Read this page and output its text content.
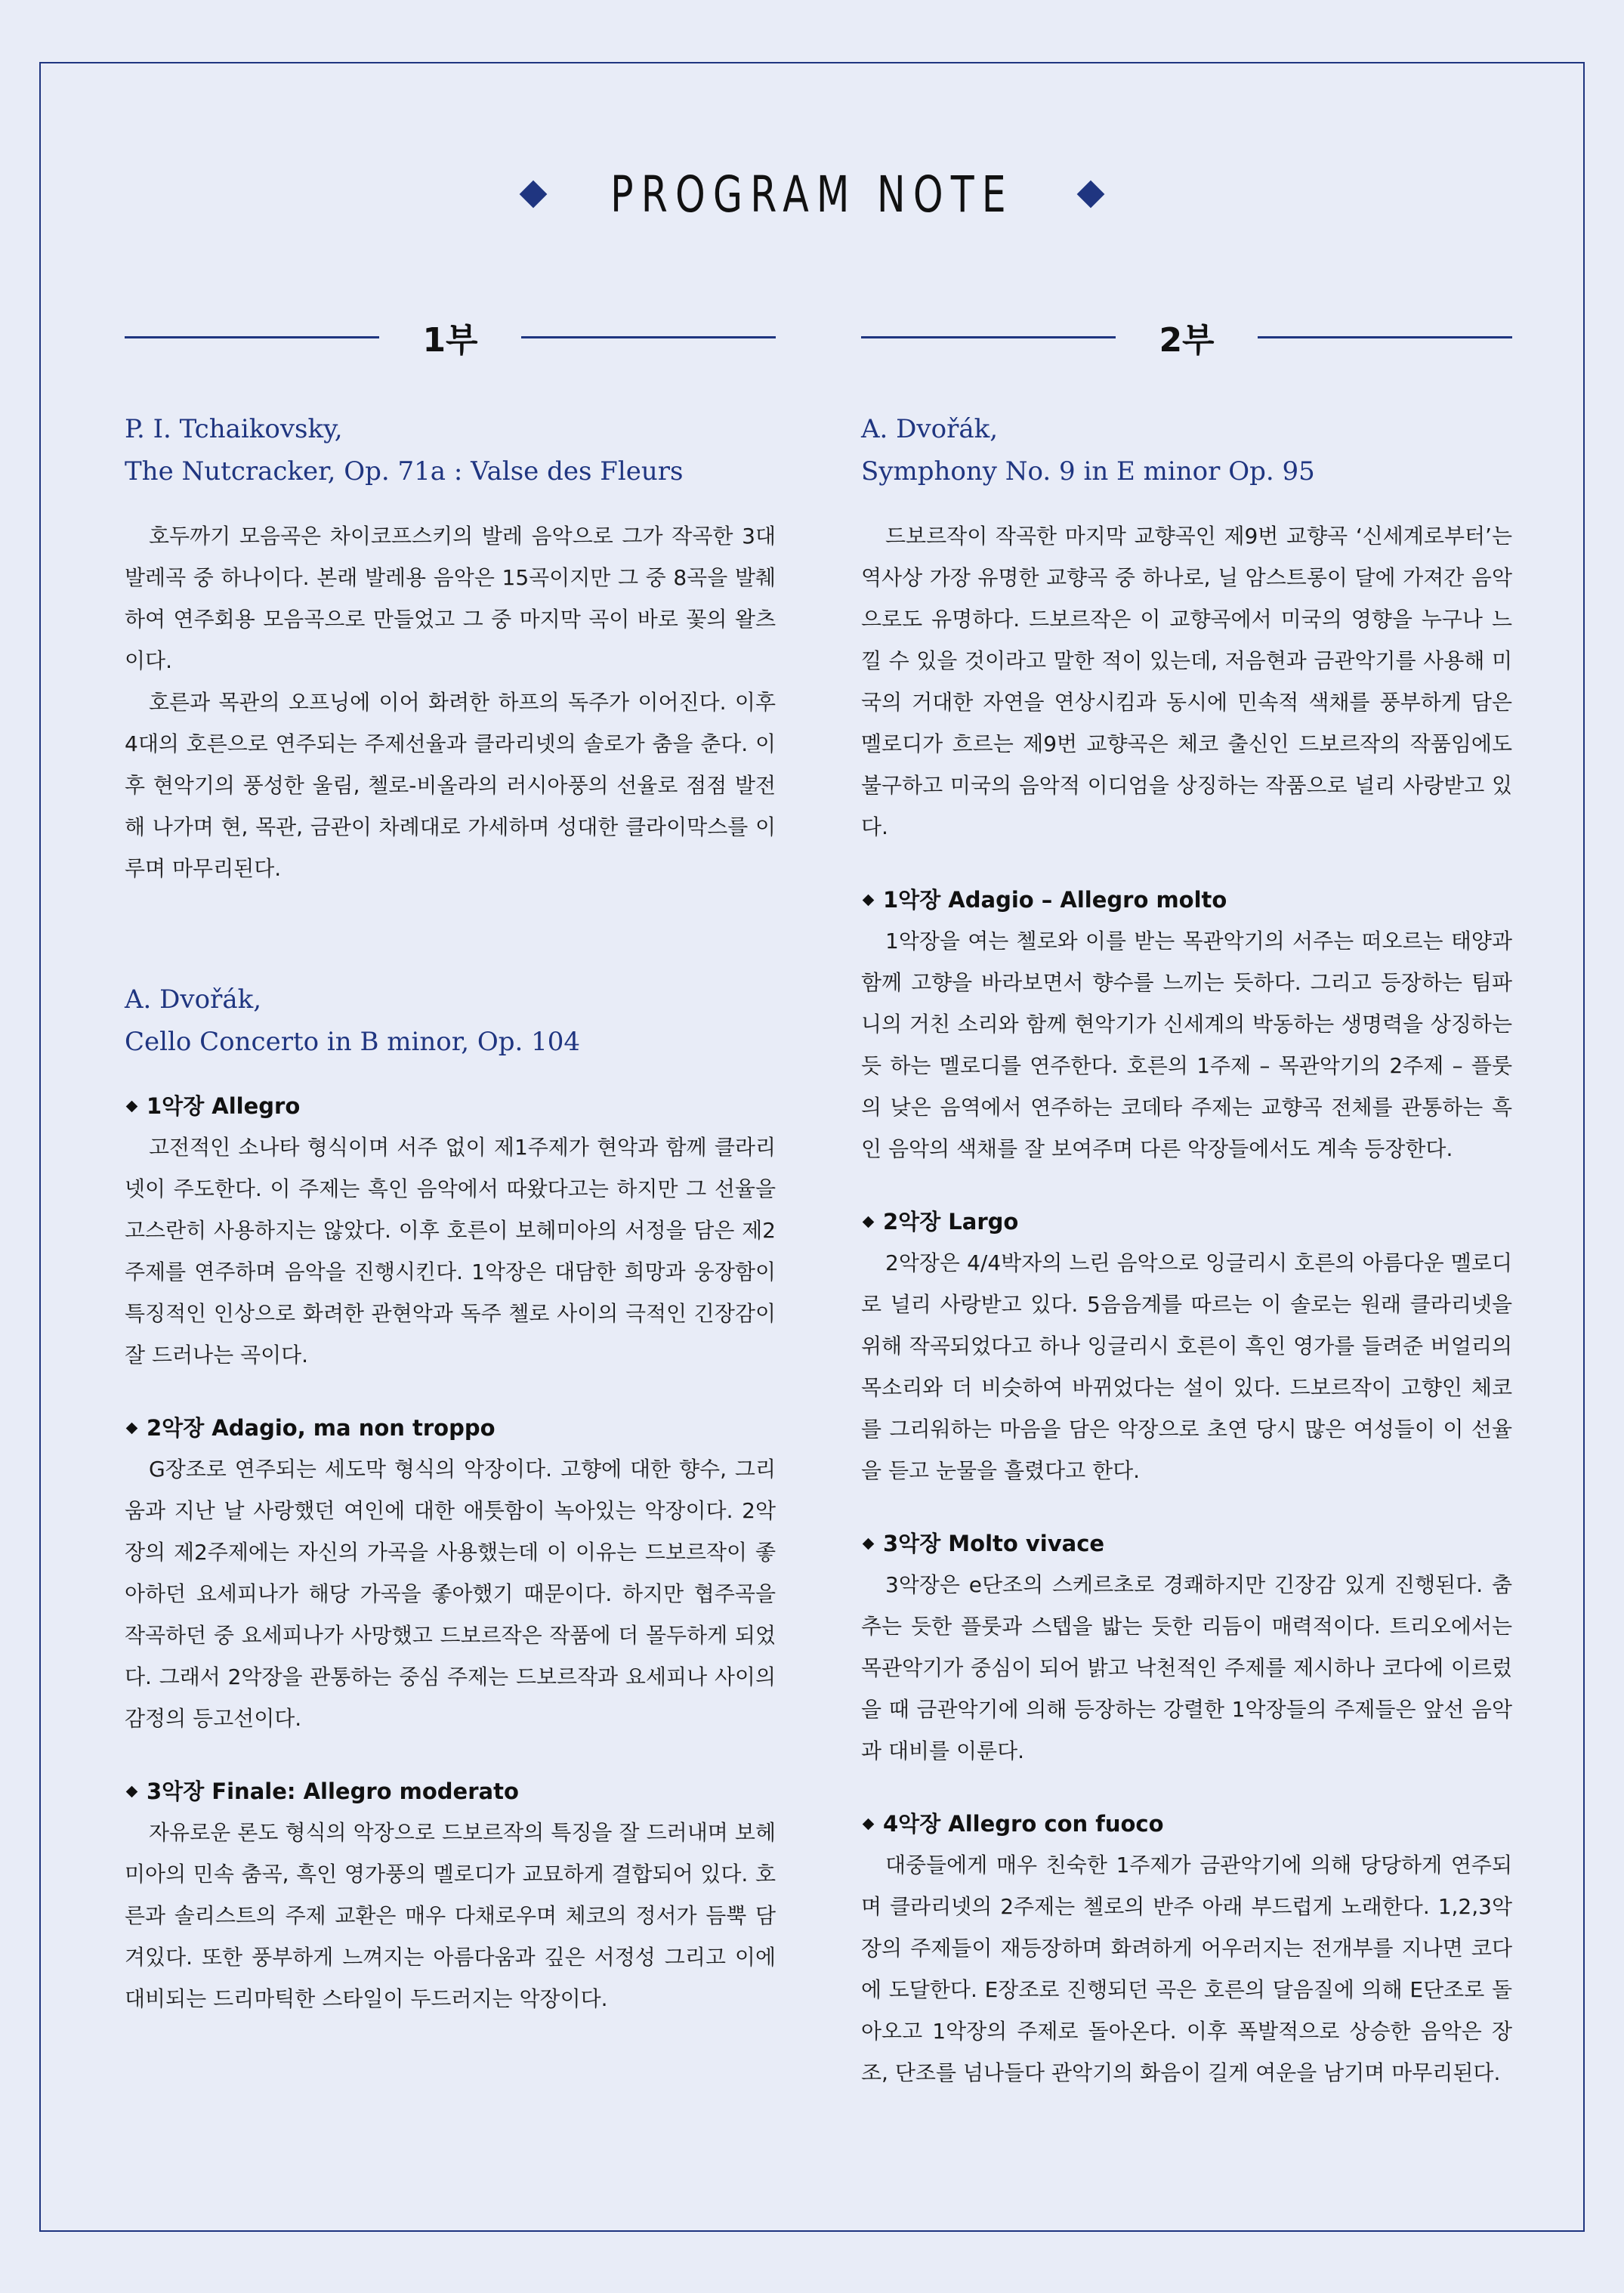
PROGRAM NOTE
1부
P. I. Tchaikovsky,
The Nutcracker, Op. 71a : Valse des Fleurs

호두까기 모음곡은 차이코프스키의 발레 음악으로 그가 작곡한 3대 발레곡 중 하나이다. 본래 발레용 음악은 15곡이지만 그 중 8곡을 발췌하여 연주회용 모음곡으로 만들었고 그 중 마지막 곡이 바로 꽃의 왈츠이다.

호른과 목관의 오프닝에 이어 화려한 하프의 독주가 이어진다. 이후 4대의 호른으로 연주되는 주제선율과 클라리넷의 솔로가 춤을 춘다. 이후 현악기의 풍성한 울림, 첼로-비올라의 러시아풍의 선율로 점점 발전해 나가며 현, 목관, 금관이 차례대로 가세하며 성대한 클라이막스를 이루며 마무리된다.

A. Dvořák,
Cello Concerto in B minor, Op. 104
1악장 Allegro

고전적인 소나타 형식이며 서주 없이 제1주제가 현악과 함께 클라리넷이 주도한다. 이 주제는 흑인 음악에서 따왔다고는 하지만 그 선율을 고스란히 사용하지는 않았다. 이후 호른이 보헤미아의 서정을 담은 제2주제를 연주하며 음악을 진행시킨다. 1악장은 대담한 희망과 웅장함이 특징적인 인상으로 화려한 관현악과 독주 첼로 사이의 극적인 긴장감이 잘 드러나는 곡이다.

2악장 Adagio, ma non troppo

G장조로 연주되는 세도막 형식의 악장이다. 고향에 대한 향수, 그리움과 지난 날 사랑했던 여인에 대한 애틋함이 녹아있는 악장이다. 2악장의 제2주제에는 자신의 가곡을 사용했는데 이 이유는 드보르작이 좋아하던 요세피나가 해당 가곡을 좋아했기 때문이다. 하지만 협주곡을 작곡하던 중 요세피나가 사망했고 드보르작은 작품에 더 몰두하게 되었다. 그래서 2악장을 관통하는 중심 주제는 드보르작과 요세피나 사이의 감정의 등고선이다.

3악장 Finale: Allegro moderato

자유로운 론도 형식의 악장으로 드보르작의 특징을 잘 드러내며 보헤미아의 민속 춤곡, 흑인 영가풍의 멜로디가 교묘하게 결합되어 있다. 호른과 솔리스트의 주제 교환은 매우 다채로우며 체코의 정서가 듬뿍 담겨있다. 또한 풍부하게 느껴지는 아름다움과 깊은 서정성 그리고 이에 대비되는 드리마틱한 스타일이 두드러지는 악장이다.

2부
A. Dvořák,
Symphony No. 9 in E minor Op. 95

드보르작이 작곡한 마지막 교향곡인 제9번 교향곡 ‘신세계로부터’는 역사상 가장 유명한 교향곡 중 하나로, 닐 암스트롱이 달에 가져간 음악으로도 유명하다. 드보르작은 이 교향곡에서 미국의 영향을 누구나 느낄 수 있을 것이라고 말한 적이 있는데, 저음현과 금관악기를 사용해 미국의 거대한 자연을 연상시킴과 동시에 민속적 색채를 풍부하게 담은 멜로디가 흐르는 제9번 교향곡은 체코 출신인 드보르작의 작품임에도 불구하고 미국의 음악적 이디엄을 상징하는 작품으로 널리 사랑받고 있다.

1악장 Adagio – Allegro molto

1악장을 여는 첼로와 이를 받는 목관악기의 서주는 떠오르는 태양과 함께 고향을 바라보면서 향수를 느끼는 듯하다. 그리고 등장하는 팀파니의 거친 소리와 함께 현악기가 신세계의 박동하는 생명력을 상징하는 듯 하는 멜로디를 연주한다. 호른의 1주제 – 목관악기의 2주제 – 플룻의 낮은 음역에서 연주하는 코데타 주제는 교향곡 전체를 관통하는 흑인 음악의 색채를 잘 보여주며 다른 악장들에서도 계속 등장한다.

2악장 Largo

2악장은 4/4박자의 느린 음악으로 잉글리시 호른의 아름다운 멜로디로 널리 사랑받고 있다. 5음음계를 따르는 이 솔로는 원래 클라리넷을 위해 작곡되었다고 하나 잉글리시 호른이 흑인 영가를 들려준 버얼리의 목소리와 더 비슷하여 바뀌었다는 설이 있다. 드보르작이 고향인 체코를 그리워하는 마음을 담은 악장으로 초연 당시 많은 여성들이 이 선율을 듣고 눈물을 흘렸다고 한다.

3악장 Molto vivace

3악장은 e단조의 스케르초로 경쾌하지만 긴장감 있게 진행된다. 춤추는 듯한 플룻과 스텝을 밟는 듯한 리듬이 매력적이다. 트리오에서는 목관악기가 중심이 되어 밝고 낙천적인 주제를 제시하나 코다에 이르렀을 때 금관악기에 의해 등장하는 강렬한 1악장들의 주제들은 앞선 음악과 대비를 이룬다.

4악장 Allegro con fuoco

대중들에게 매우 친숙한 1주제가 금관악기에 의해 당당하게 연주되며 클라리넷의 2주제는 첼로의 반주 아래 부드럽게 노래한다. 1,2,3악장의 주제들이 재등장하며 화려하게 어우러지는 전개부를 지나면 코다에 도달한다. E장조로 진행되던 곡은 호른의 달음질에 의해 E단조로 돌아오고 1악장의 주제로 돌아온다. 이후 폭발적으로 상승한 음악은 장조, 단조를 넘나들다 관악기의 화음이 길게 여운을 남기며 마무리된다.
